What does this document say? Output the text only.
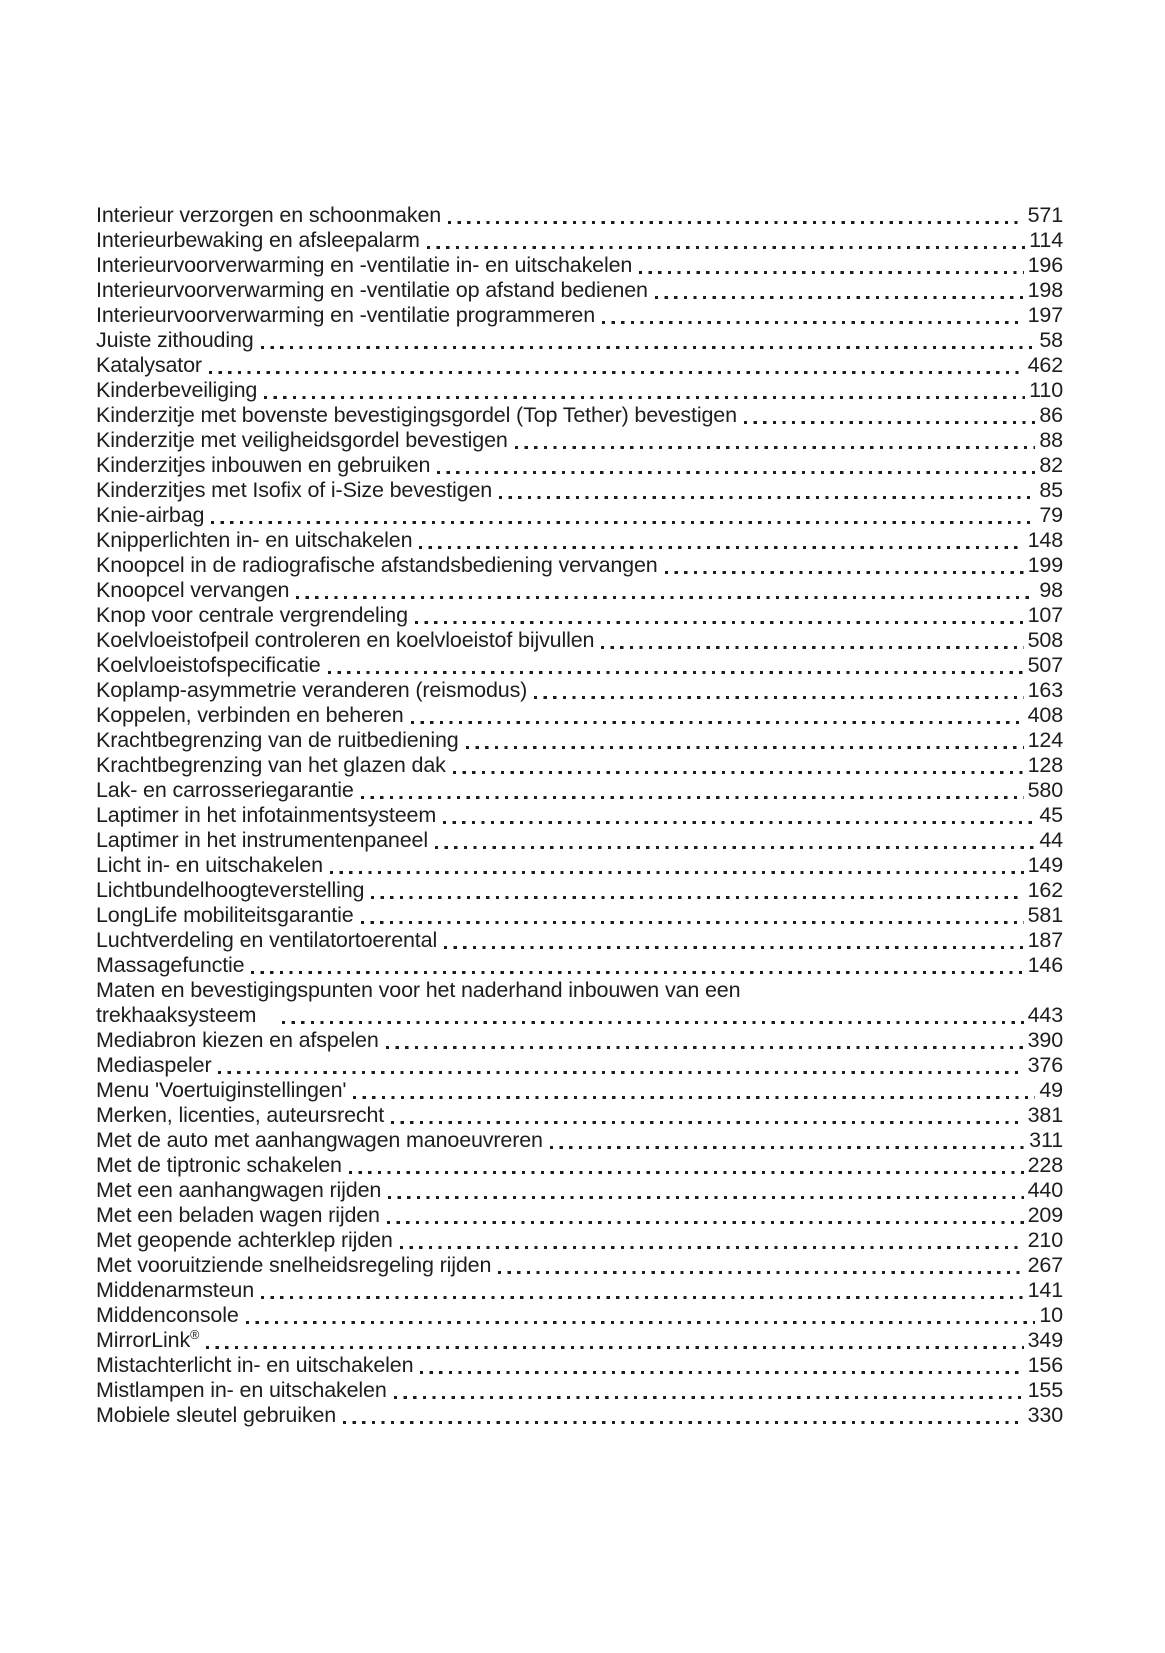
Interieur verzorgen en schoonmaken	571
Interieurbewaking en afsleepalarm	114
Interieurvoorverwarming en -ventilatie in- en uitschakelen	196
Interieurvoorverwarming en -ventilatie op afstand bedienen	198
Interieurvoorverwarming en -ventilatie programmeren	197
Juiste zithouding	58
Katalysator	462
Kinderbeveiliging	110
Kinderzitje met bovenste bevestigingsgordel (Top Tether) bevestigen	86
Kinderzitje met veiligheidsgordel bevestigen	88
Kinderzitjes inbouwen en gebruiken	82
Kinderzitjes met Isofix of i-Size bevestigen	85
Knie-airbag	79
Knipperlichten in- en uitschakelen	148
Knoopcel in de radiografische afstandsbediening vervangen	199
Knoopcel vervangen	98
Knop voor centrale vergrendeling	107
Koelvloeistofpeil controleren en koelvloeistof bijvullen	508
Koelvloeistofspecificatie	507
Koplamp-asymmetrie veranderen (reismodus)	163
Koppelen, verbinden en beheren	408
Krachtbegrenzing van de ruitbediening	124
Krachtbegrenzing van het glazen dak	128
Lak- en carrosseriegarantie	580
Laptimer in het infotainmentsysteem	45
Laptimer in het instrumentenpaneel	44
Licht in- en uitschakelen	149
Lichtbundelhoogteverstelling	162
LongLife mobiliteitsgarantie	581
Luchtverdeling en ventilatortoerental	187
Massagefunctie	146
Maten en bevestigingspunten voor het naderhand inbouwen van een
trekhaaksysteem	443
Mediabron kiezen en afspelen	390
Mediaspeler	376
Menu 'Voertuiginstellingen'	49
Merken, licenties, auteursrecht	381
Met de auto met aanhangwagen manoeuvreren	311
Met de tiptronic schakelen	228
Met een aanhangwagen rijden	440
Met een beladen wagen rijden	209
Met geopende achterklep rijden	210
Met vooruitziende snelheidsregeling rijden	267
Middenarmsteun	141
Middenconsole	10
MirrorLink®	349
Mistachterlicht in- en uitschakelen	156
Mistlampen in- en uitschakelen	155
Mobiele sleutel gebruiken	330
